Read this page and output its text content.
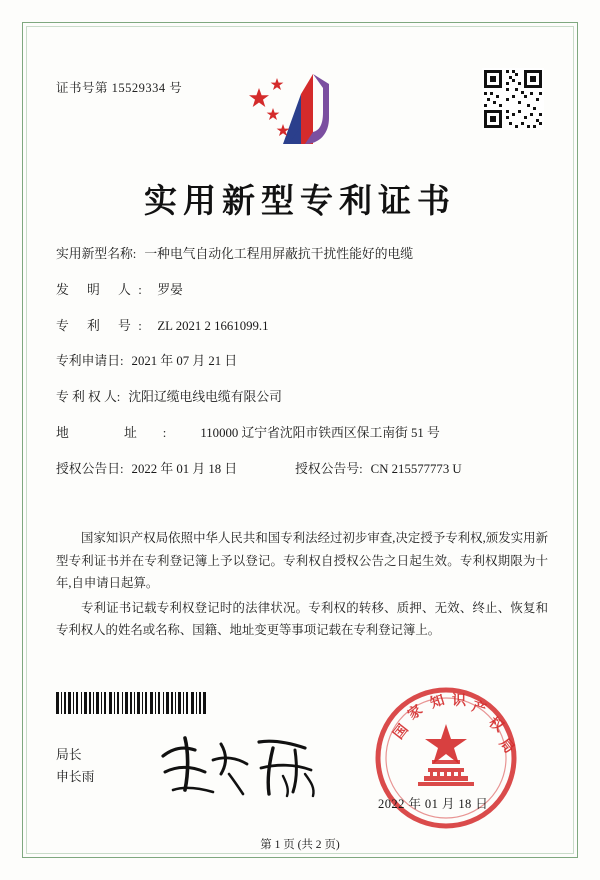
证书号第 15529334 号
实用新型专利证书
实用新型名称: 一种电气自动化工程用屏蔽抗干扰性能好的电缆
发 明 人: 罗晏
专 利 号: ZL 2021 2 1661099.1
专利申请日: 2021 年 07 月 21 日
专 利 权 人: 沈阳辽缆电线电缆有限公司
地 址: 110000 辽宁省沈阳市铁西区保工南街 51 号
授权公告日: 2022 年 01 月 18 日	授权公告号: CN 215577773 U

国家知识产权局依照中华人民共和国专利法经过初步审查,决定授予专利权,颁发实用新型专利证书并在专利登记簿上予以登记。专利权自授权公告之日起生效。专利权期限为十年,自申请日起算。

专利证书记载专利权登记时的法律状况。专利权的转移、质押、无效、终止、恢复和专利权人的姓名或名称、国籍、地址变更等事项记载在专利登记簿上。

局长
申长雨
国
家
知 识 产
权
局
2022 年 01 月 18 日
第 1 页 (共 2 页)
